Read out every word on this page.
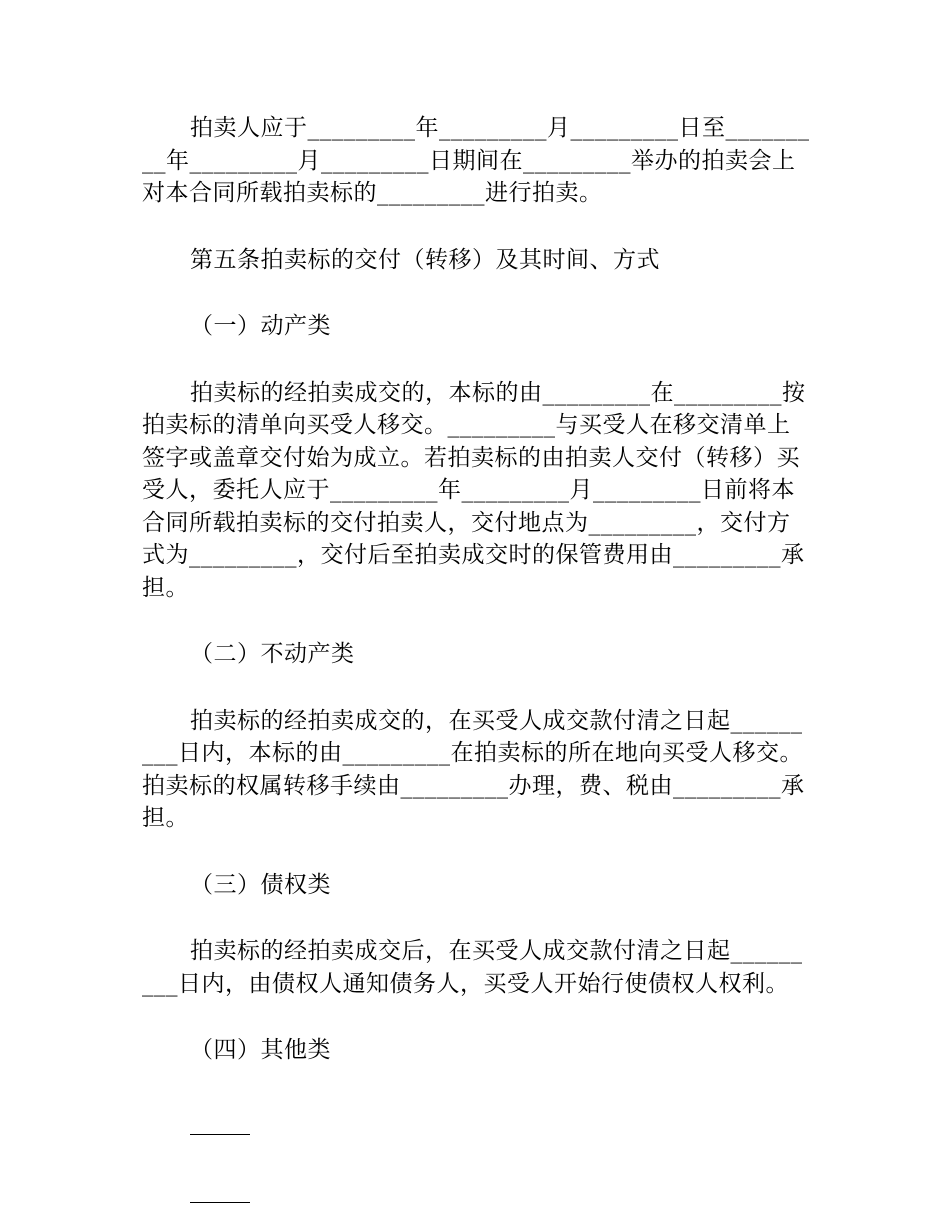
拍卖人应于_________年_________月_________日至_________年_________月_________日期间在_________举办的拍卖会上对本合同所载拍卖标的_________进行拍卖。

第五条拍卖标的交付（转移）及其时间、方式

（一）动产类

拍卖标的经拍卖成交的，本标的由_________在_________按拍卖标的清单向买受人移交。_________与买受人在移交清单上签字或盖章交付始为成立。若拍卖标的由拍卖人交付（转移）买受人，委托人应于_________年_________月_________日前将本合同所载拍卖标的交付拍卖人，交付地点为_________，交付方式为_________，交付后至拍卖成交时的保管费用由_________承担。

（二）不动产类

拍卖标的经拍卖成交的，在买受人成交款付清之日起_________日内，本标的由_________在拍卖标的所在地向买受人移交。拍卖标的权属转移手续由_________办理，费、税由_________承担。

（三）债权类

拍卖标的经拍卖成交后，在买受人成交款付清之日起_________日内，由债权人通知债务人，买受人开始行使债权人权利。

（四）其他类
